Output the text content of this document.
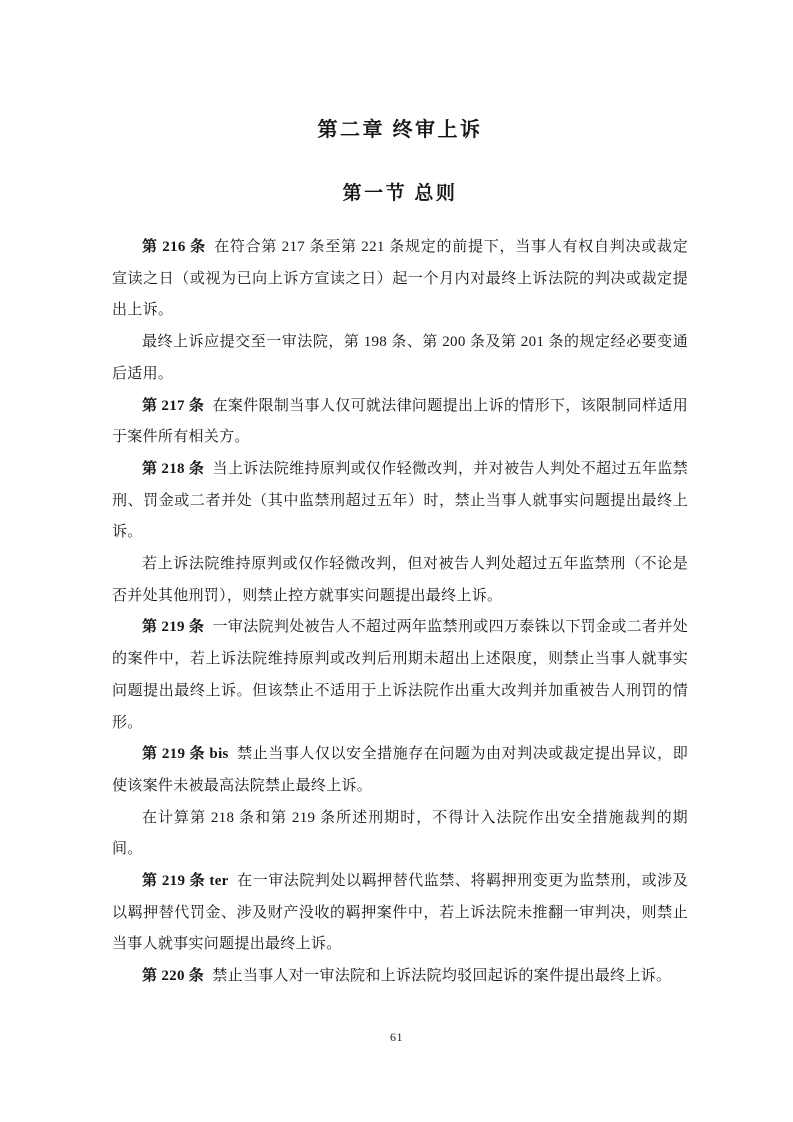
第二章 终审上诉
第一节 总则

第 216 条 在符合第 217 条至第 221 条规定的前提下，当事人有权自判决或裁定宣读之日（或视为已向上诉方宣读之日）起一个月内对最终上诉法院的判决或裁定提出上诉。

最终上诉应提交至一审法院，第 198 条、第 200 条及第 201 条的规定经必要变通后适用。

第 217 条 在案件限制当事人仅可就法律问题提出上诉的情形下，该限制同样适用于案件所有相关方。

第 218 条 当上诉法院维持原判或仅作轻微改判，并对被告人判处不超过五年监禁刑、罚金或二者并处（其中监禁刑超过五年）时，禁止当事人就事实问题提出最终上诉。

若上诉法院维持原判或仅作轻微改判，但对被告人判处超过五年监禁刑（不论是否并处其他刑罚），则禁止控方就事实问题提出最终上诉。

第 219 条 一审法院判处被告人不超过两年监禁刑或四万泰铢以下罚金或二者并处的案件中，若上诉法院维持原判或改判后刑期未超出上述限度，则禁止当事人就事实问题提出最终上诉。但该禁止不适用于上诉法院作出重大改判并加重被告人刑罚的情形。

第 219 条 bis 禁止当事人仅以安全措施存在问题为由对判决或裁定提出异议，即使该案件未被最高法院禁止最终上诉。

在计算第 218 条和第 219 条所述刑期时，不得计入法院作出安全措施裁判的期间。

第 219 条 ter 在一审法院判处以羁押替代监禁、将羁押刑变更为监禁刑，或涉及以羁押替代罚金、涉及财产没收的羁押案件中，若上诉法院未推翻一审判决，则禁止当事人就事实问题提出最终上诉。

第 220 条 禁止当事人对一审法院和上诉法院均驳回起诉的案件提出最终上诉。

61
